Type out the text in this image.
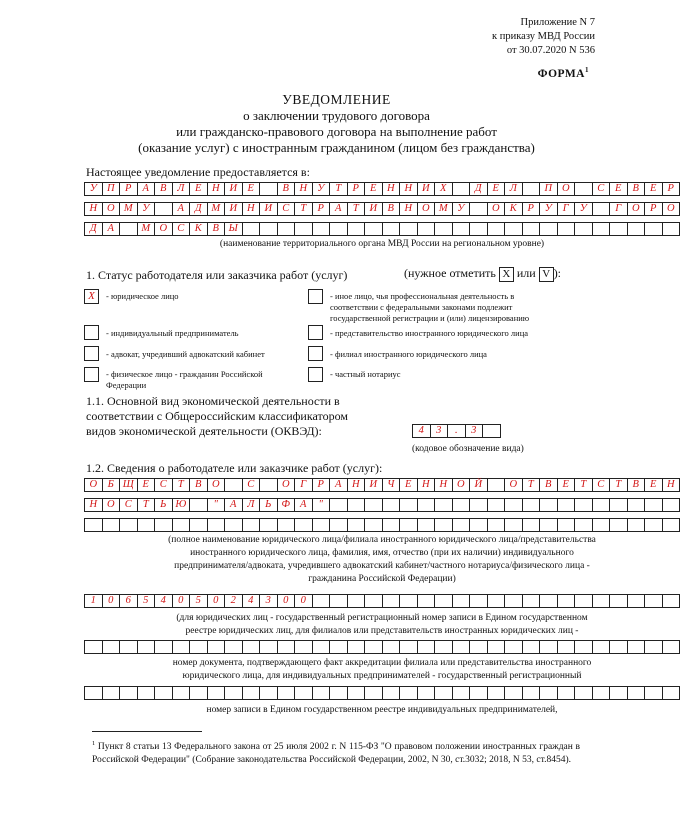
Приложение N 7
к приказу МВД России
от 30.07.2020 N 536
ФОРМА$^1$
УВЕДОМЛЕНИЕ
о заключении трудового договора
или гражданско-правового договора на выполнение работ
(оказание услуг) с иностранным гражданином (лицом без гражданства)
Настоящее уведомление предоставляется в:
У П Р	А	В	Л	Е	Н И Е	В	Н У	Т	Р	Е	Н Н И Х	Д	Е	Л	П О	С	Е	В	Е	Р
Н О М У	А	Д М И Н И С	Т	Р	А	Т	И В	Н О М У	О К	Р	У	Г	У	Г	О Р	О
Д	А	М О С	К	В Ы
(наименование территориального органа МВД России на региональном уровне)
1. Статус работодателя или заказчика работ (услуг)	(нужное отметить X или V ):
X	- юридическое лицо
- индивидуальный предприниматель
- адвокат, учредивший адвокатский кабинет
- физическое лицо - гражданин Российской
Федерации
- иное лицо, чья профессиональная деятельность в
соответствии с федеральными законами подлежит
государственной регистрации и (или) лицензированию
- представительство иностранного юридического лица
- филиал иностранного юридического лица
- частный нотариус
1.1. Основной вид экономической деятельности в
соответствии с Общероссийским классификатором
видов экономической деятельности (ОКВЭД):	4	3	.	3
(кодовое обозначение вида)
1.2. Сведения о работодателе или заказчике работ (услуг):
О	Б Щ Е	С	Т	В	О	С	О	Г	Р	А	Н И Ч	Е	Н Н О Й	О	Т	В	Е	Т	С	Т	В	Е	Н
Н О С	Т	Ь Ю	"	А	Л	Ь Ф А	"
(полное наименование юридического лица/филиала иностранного юридического лица/представительства
иностранного юридического лица, фамилия, имя, отчество (при их наличии) индивидуального
предпринимателя/адвоката, учредившего адвокатский кабинет/частного нотариуса/физического лица -
гражданина Российской Федерации)
1	0	6	5	4	0	5	0	2	4	3	0	0
(для юридических лиц - государственный регистрационный номер записи в Едином государственном
реестре юридических лиц, для филиалов или представительств иностранных юридических лиц -
номер документа, подтверждающего факт аккредитации филиала или представительства иностранного
юридического лица, для индивидуальных предпринимателей - государственный регистрационный
номер записи в Едином государственном реестре индивидуальных предпринимателей,
$^1$ Пункт 8 статьи 13 Федерального закона от 25 июля 2002 г. N 115-ФЗ "О правовом положении иностранных граждан в Российской Федерации" (Собрание законодательства Российской Федерации, 2002, N 30, ст.3032; 2018, N 53, ст.8454).
